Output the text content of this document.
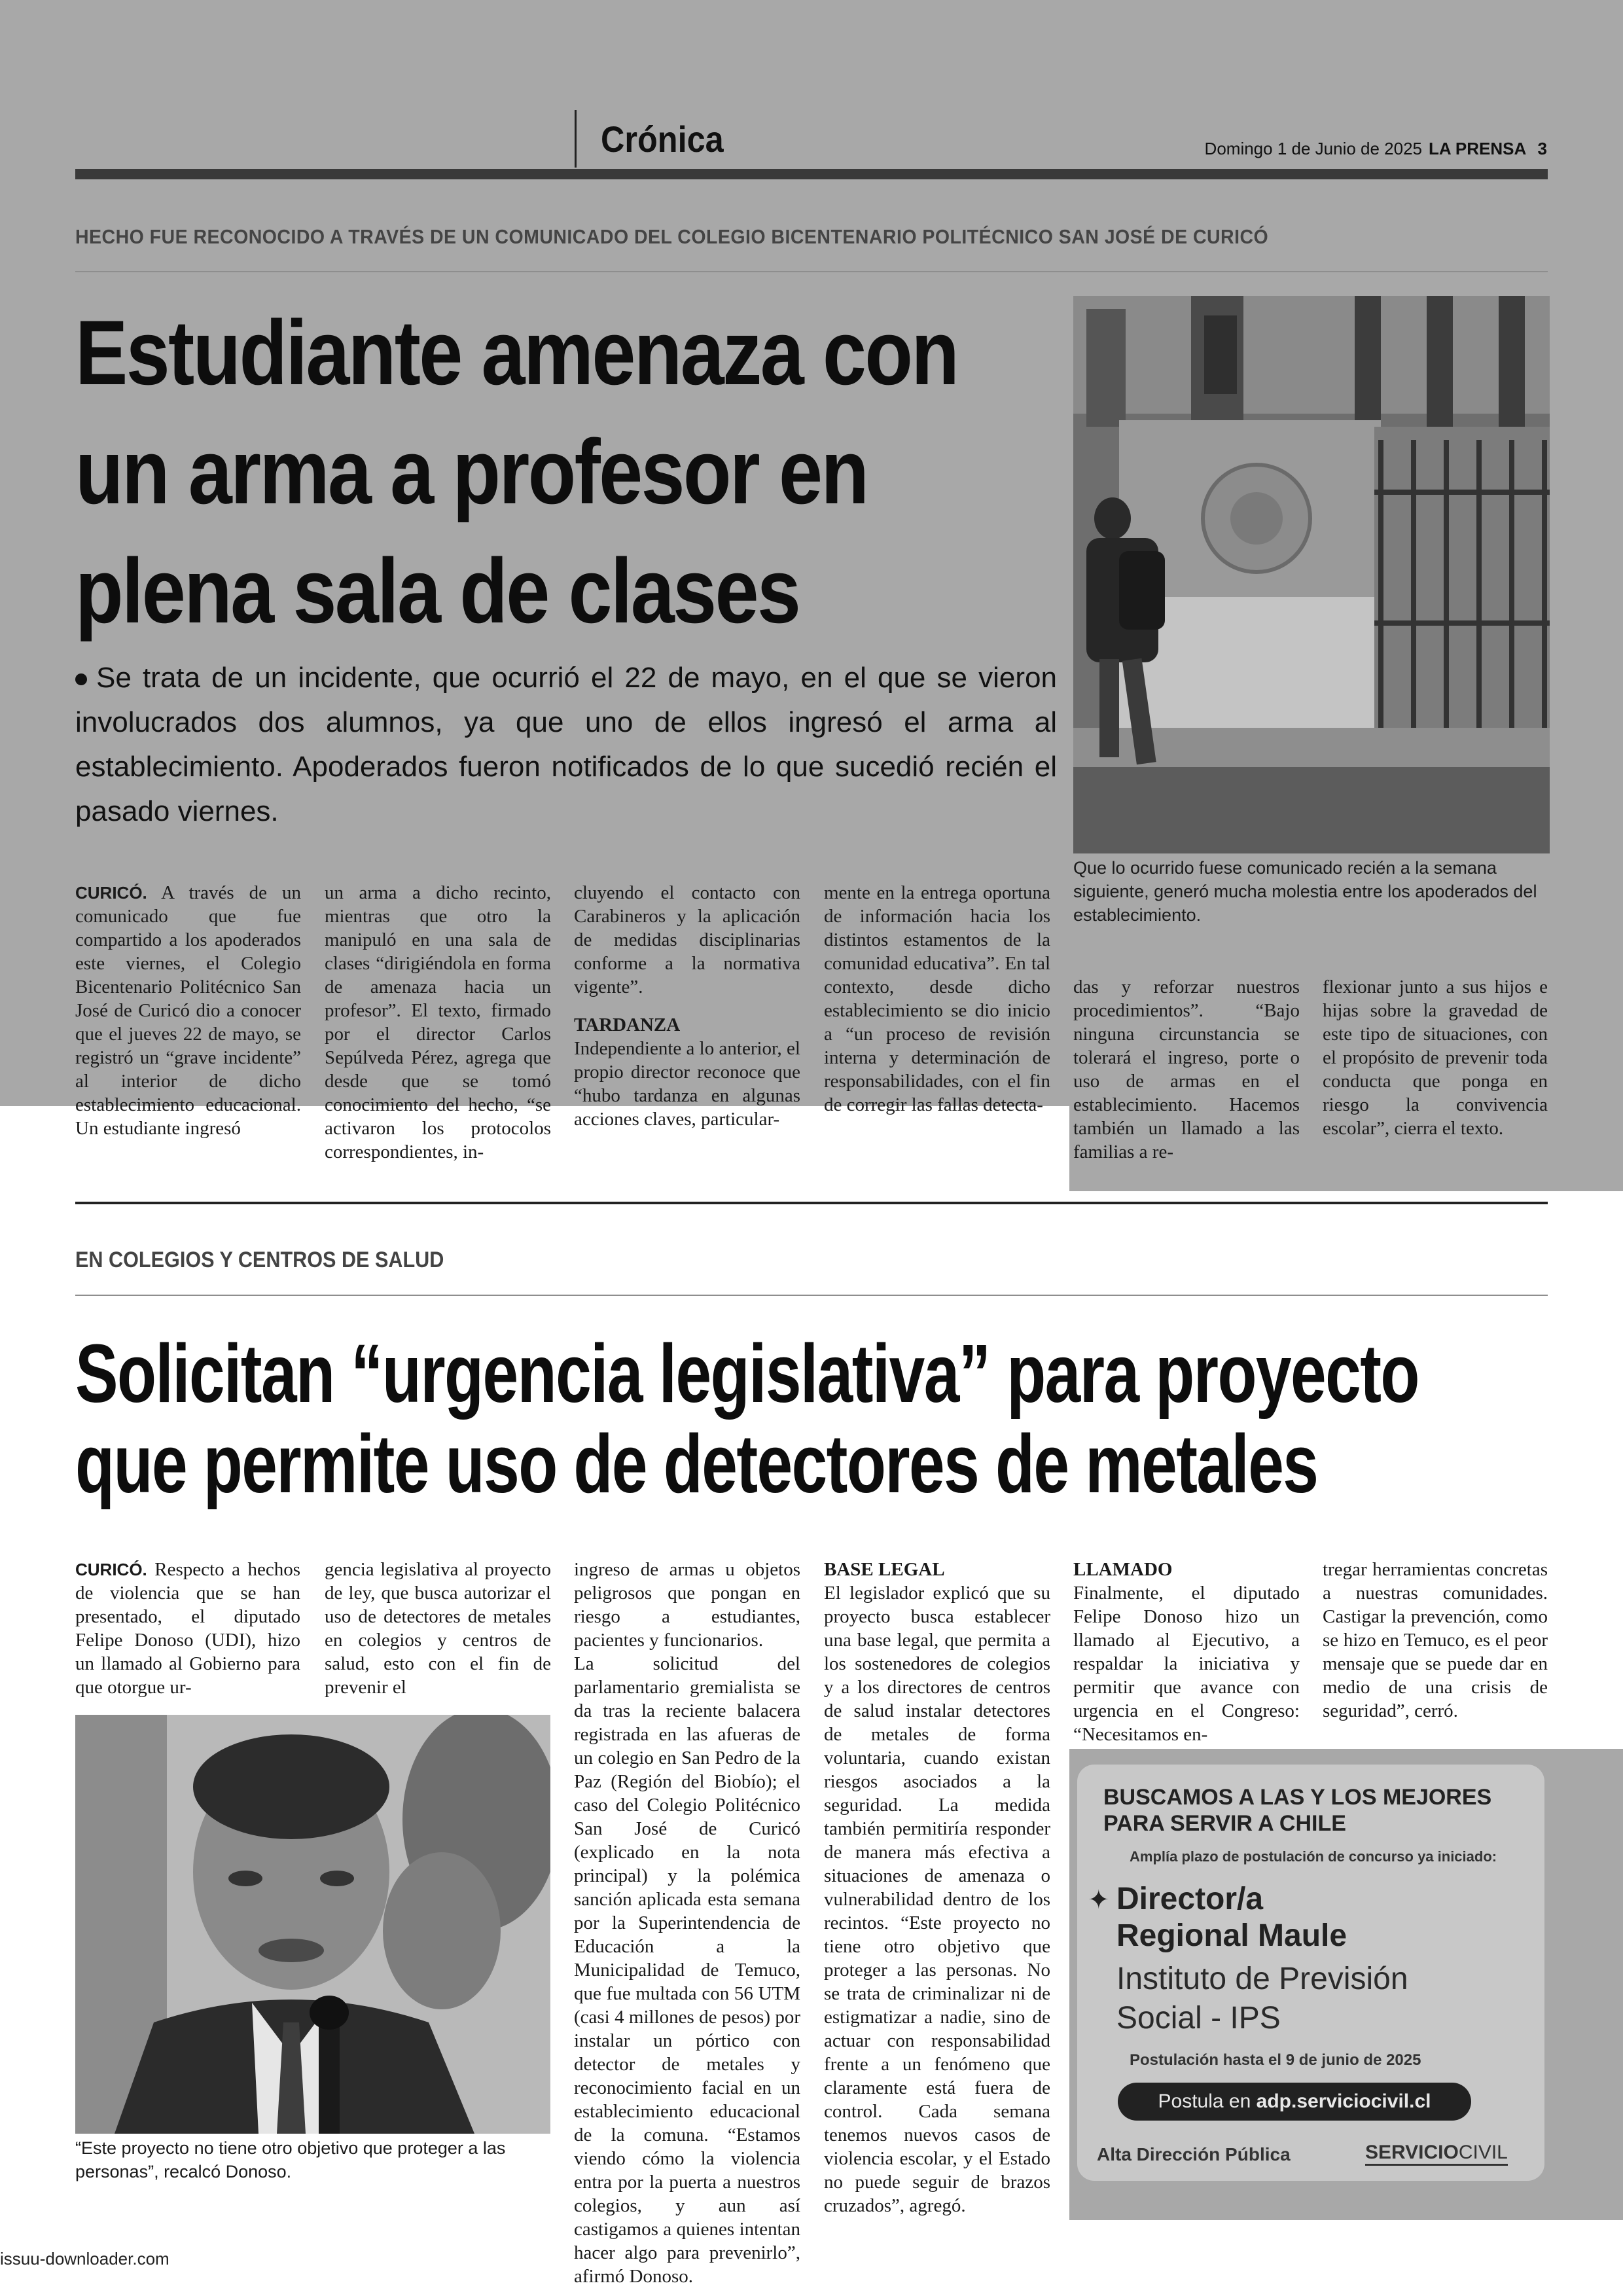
Crónica	Domingo 1 de Junio de 2025 LA PRENSA 3
HECHO FUE RECONOCIDO A TRAVÉS DE UN COMUNICADO DEL COLEGIO BICENTENARIO POLITÉCNICO SAN JOSÉ DE CURICÓ
Estudiante amenaza con
un arma a profesor en
plena sala de clases
Se trata de un incidente, que ocurrió el 22 de mayo, en el que se vieron involucrados dos alumnos, ya que uno de ellos ingresó el arma al establecimiento. Apoderados fueron notificados de lo que sucedió recién el pasado viernes.
Que lo ocurrido fuese comunicado recién a la semana siguiente, generó mucha molestia entre los apoderados del establecimiento.
CURICÓ. A través de un comunicado que fue compartido a los apoderados este viernes, el Colegio Bicentenario Politécnico San José de Curicó dio a conocer que el jueves 22 de mayo, se registró un “grave incidente” al interior de dicho establecimiento educacional. Un estudiante ingresó
un arma a dicho recinto, mientras que otro la manipuló en una sala de clases “dirigiéndola en forma de amenaza hacia un profesor”. El texto, firmado por el director Carlos Sepúlveda Pérez, agrega que desde que se tomó conocimiento del hecho, “se activaron los protocolos correspondientes, in-
cluyendo el contacto con Carabineros y la aplicación de medidas disciplinarias conforme a la normativa vigente”.
TARDANZA
Independiente a lo anterior, el propio director reconoce que “hubo tardanza en algunas acciones claves, particular-
mente en la entrega oportuna de información hacia los distintos estamentos de la comunidad educativa”. En tal contexto, desde dicho establecimiento se dio inicio a “un proceso de revisión interna y determinación de responsabilidades, con el fin de corregir las fallas detecta-
das y reforzar nuestros procedimientos”. “Bajo ninguna circunstancia se tolerará el ingreso, porte o uso de armas en el establecimiento. Hacemos también un llamado a las familias a re-
flexionar junto a sus hijos e hijas sobre la gravedad de este tipo de situaciones, con el propósito de prevenir toda conducta que ponga en riesgo la convivencia escolar”, cierra el texto.
EN COLEGIOS Y CENTROS DE SALUD
Solicitan “urgencia legislativa” para proyecto
que permite uso de detectores de metales
CURICÓ. Respecto a hechos de violencia que se han presentado, el diputado Felipe Donoso (UDI), hizo un llamado al Gobierno para que otorgue ur-
gencia legislativa al proyecto de ley, que busca autorizar el uso de detectores de metales en colegios y centros de salud, esto con el fin de prevenir el
ingreso de armas u objetos peligrosos que pongan en riesgo a estudiantes, pacientes y funcionarios.
La solicitud del parlamentario gremialista se da tras la reciente balacera registrada en las afueras de un colegio en San Pedro de la Paz (Región del Biobío); el caso del Colegio Politécnico San José de Curicó (explicado en la nota principal) y la polémica sanción aplicada esta semana por la Superintendencia de Educación a la Municipalidad de Temuco, que fue multada con 56 UTM (casi 4 millones de pesos) por instalar un pórtico con detector de metales y reconocimiento facial en un establecimiento educacional de la comuna. “Estamos viendo cómo la violencia entra por la puerta a nuestros colegios, y aun así castigamos a quienes intentan hacer algo para prevenirlo”, afirmó Donoso.
BASE LEGAL
El legislador explicó que su proyecto busca establecer una base legal, que permita a los sostenedores de colegios y a los directores de centros de salud instalar detectores de metales de forma voluntaria, cuando existan riesgos asociados a la seguridad. La medida también permitiría responder de manera más efectiva a situaciones de amenaza o vulnerabilidad dentro de los recintos. “Este proyecto no tiene otro objetivo que proteger a las personas. No se trata de criminalizar ni de estigmatizar a nadie, sino de actuar con responsabilidad frente a un fenómeno que claramente está fuera de control. Cada semana tenemos nuevos casos de violencia escolar, y el Estado no puede seguir de brazos cruzados”, agregó.
LLAMADO
Finalmente, el diputado Felipe Donoso hizo un llamado al Ejecutivo, a respaldar la iniciativa y permitir que avance con urgencia en el Congreso: “Necesitamos en-
tregar herramientas concretas a nuestras comunidades. Castigar la prevención, como se hizo en Temuco, es el peor mensaje que se puede dar en medio de una crisis de seguridad”, cerró.
“Este proyecto no tiene otro objetivo que proteger a las personas”, recalcó Donoso.
BUSCAMOS A LAS Y LOS MEJORES PARA SERVIR A CHILE
Amplía plazo de postulación de concurso ya iniciado:
✦ Director/a
Regional Maule
Instituto de Previsión
Social - IPS
Postulación hasta el 9 de junio de 2025
Postula en adp.serviciocivil.cl
Alta Dirección Pública	SERVICIOCIVIL
issuu-downloader.com
